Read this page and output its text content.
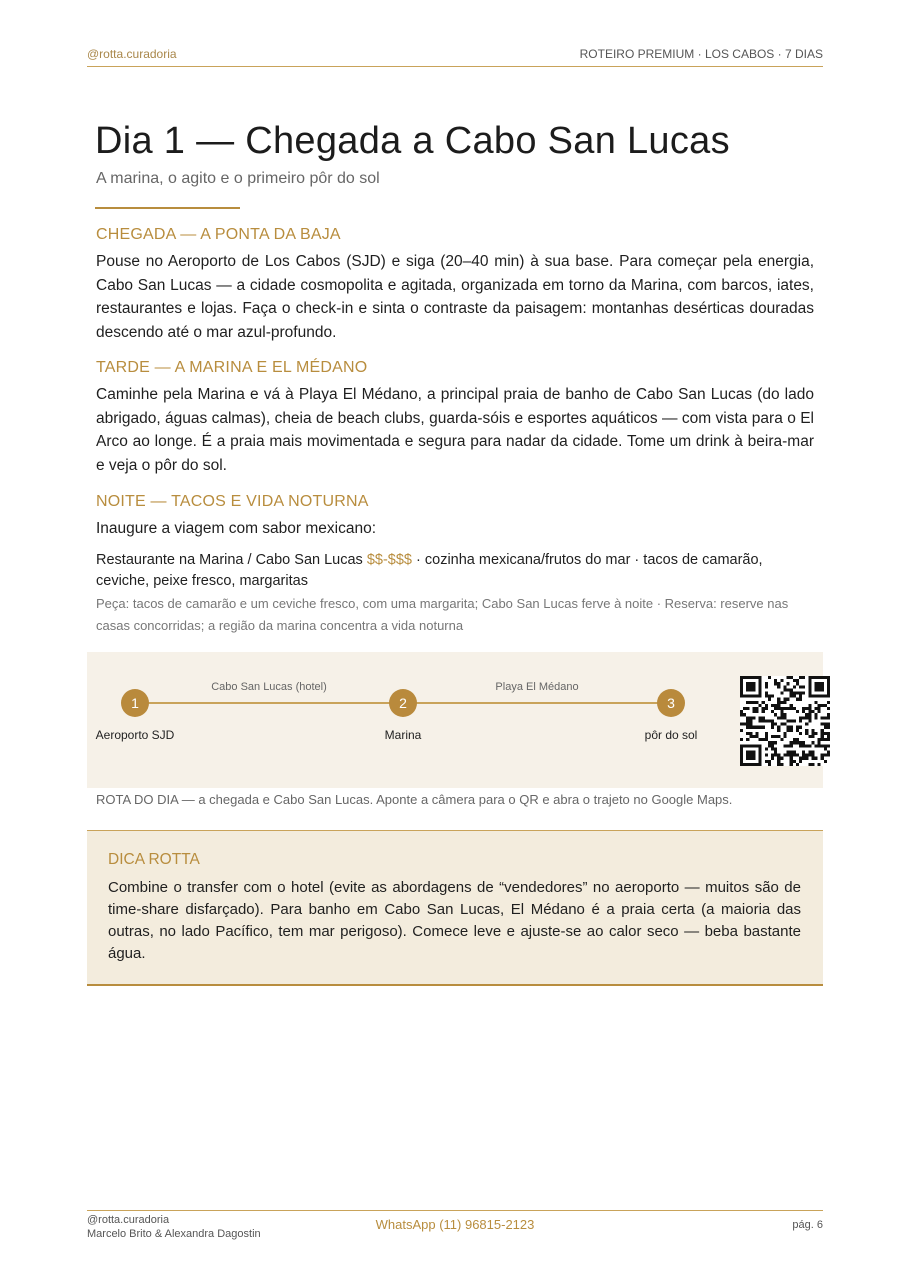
@rotta.curadoria	ROTEIRO PREMIUM · LOS CABOS · 7 DIAS
Dia 1 — Chegada a Cabo San Lucas

A marina, o agito e o primeiro pôr do sol

CHEGADA — A PONTA DA BAJA

Pouse no Aeroporto de Los Cabos (SJD) e siga (20–40 min) à sua base. Para começar pela energia, Cabo San Lucas — a cidade cosmopolita e agitada, organizada em torno da Marina, com barcos, iates, restaurantes e lojas. Faça o check-in e sinta o contraste da paisagem: montanhas desérticas douradas descendo até o mar azul-profundo.

TARDE — A MARINA E EL MÉDANO

Caminhe pela Marina e vá à Playa El Médano, a principal praia de banho de Cabo San Lucas (do lado abrigado, águas calmas), cheia de beach clubs, guarda-sóis e esportes aquáticos — com vista para o El Arco ao longe. É a praia mais movimentada e segura para nadar da cidade. Tome um drink à beira-mar e veja o pôr do sol.

NOITE — TACOS E VIDA NOTURNA

Inaugure a viagem com sabor mexicano:

Restaurante na Marina / Cabo San Lucas $$-$$$ · cozinha mexicana/frutos do mar · tacos de camarão, ceviche, peixe fresco, margaritas

Peça: tacos de camarão e um ceviche fresco, com uma margarita; Cabo San Lucas ferve à noite · Reserva: reserve nas casas concorridas; a região da marina concentra a vida noturna

1	2	3
Cabo San Lucas (hotel)	Playa El Médano
Aeroporto SJD	Marina	pôr do sol

ROTA DO DIA — a chegada e Cabo San Lucas. Aponte a câmera para o QR e abra o trajeto no Google Maps.

DICA ROTTA

Combine o transfer com o hotel (evite as abordagens de “vendedores” no aeroporto — muitos são de time-share disfarçado). Para banho em Cabo San Lucas, El Médano é a praia certa (a maioria das outras, no lado Pacífico, tem mar perigoso). Comece leve e ajuste-se ao calor seco — beba bastante água.

@rotta.curadoria
Marcelo Brito & Alexandra Dagostin
WhatsApp (11) 96815-2123	pág. 6
